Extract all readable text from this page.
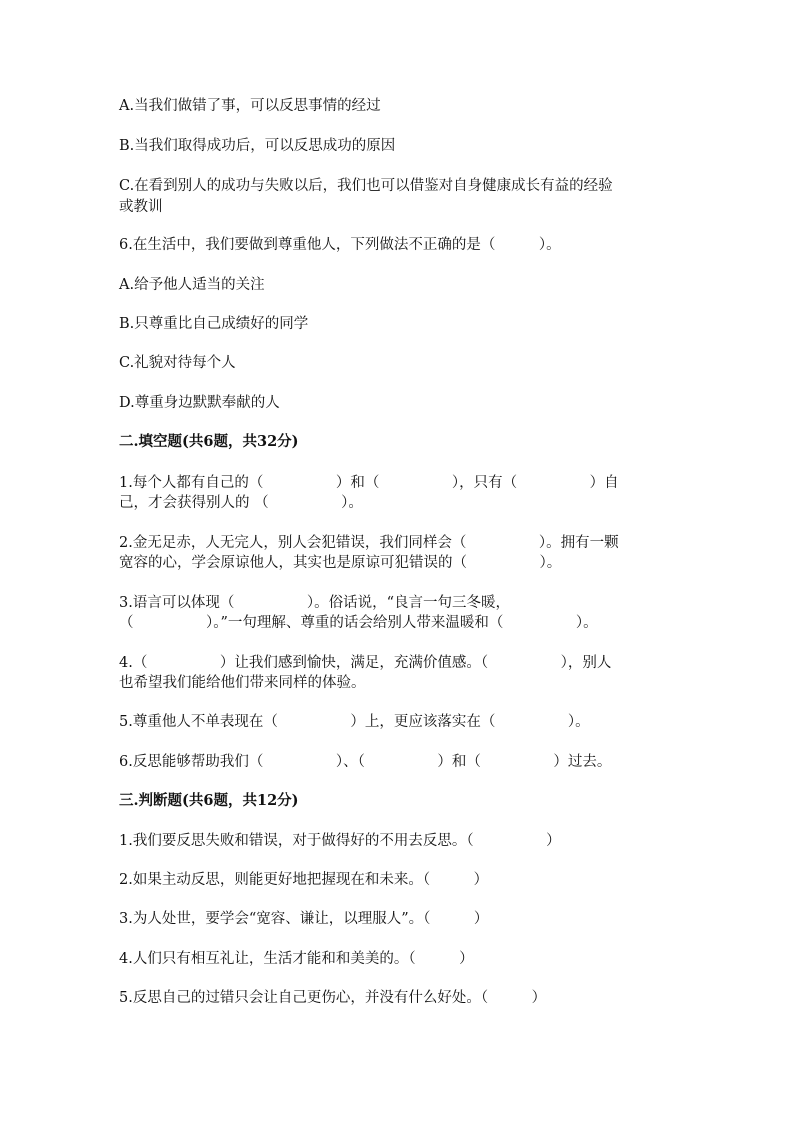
A.当我们做错了事，可以反思事情的经过
B.当我们取得成功后，可以反思成功的原因
C.在看到别人的成功与失败以后，我们也可以借鉴对自身健康成长有益的经验
或教训
6.在生活中，我们要做到尊重他人，下列做法不正确的是（　　　）。
A.给予他人适当的关注
B.只尊重比自己成绩好的同学
C.礼貌对待每个人
D.尊重身边默默奉献的人
二.填空题(共6题，共32分)
1.每个人都有自己的（　　　　　）和（　　　　　），只有（　　　　　）自
己，才会获得别人的 （　　　　　）。
2.金无足赤，人无完人，别人会犯错误，我们同样会（　　　　　）。拥有一颗
宽容的心，学会原谅他人，其实也是原谅可犯错误的（　　　　　）。
3.语言可以体现（　　　　　）。俗话说，“良言一句三冬暖，
（　　　　　）。”一句理解、尊重的话会给别人带来温暖和（　　　　　）。
4.（　　　　　）让我们感到愉快，满足，充满价值感。（　　　　　），别人
也希望我们能给他们带来同样的体验。
5.尊重他人不单表现在（　　　　　）上，更应该落实在（　　　　　）。
6.反思能够帮助我们（　　　　　）、（　　　　　）和（　　　　　）过去。
三.判断题(共6题，共12分)
1.我们要反思失败和错误，对于做得好的不用去反思。（　　　　　）
2.如果主动反思，则能更好地把握现在和未来。（　　　）
3.为人处世，要学会“宽容、谦让，以理服人”。（　　　）
4.人们只有相互礼让，生活才能和和美美的。（　　　）
5.反思自己的过错只会让自己更伤心，并没有什么好处。（　　　）
